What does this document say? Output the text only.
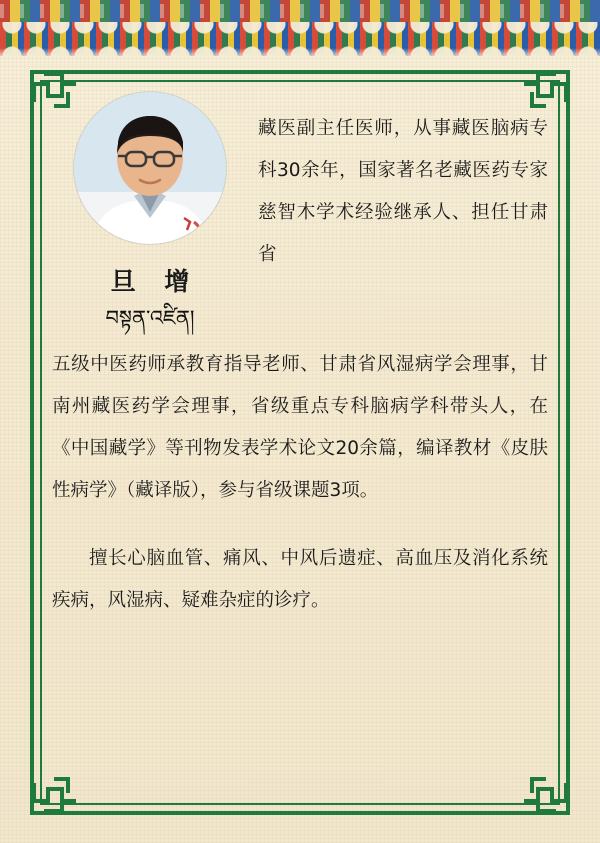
旦 增
བསྟན་འཛིན།
藏医副主任医师，从事藏医脑病专科30余年，国家著名老藏医药专家慈智木学术经验继承人、担任甘肃省

五级中医药师承教育指导老师、甘肃省风湿病学会理事，甘南州藏医药学会理事，省级重点专科脑病学科带头人，在《中国藏学》等刊物发表学术论文20余篇，编译教材《皮肤性病学》（藏译版），参与省级课题3项。

擅长心脑血管、痛风、中风后遗症、高血压及消化系统疾病，风湿病、疑难杂症的诊疗。
